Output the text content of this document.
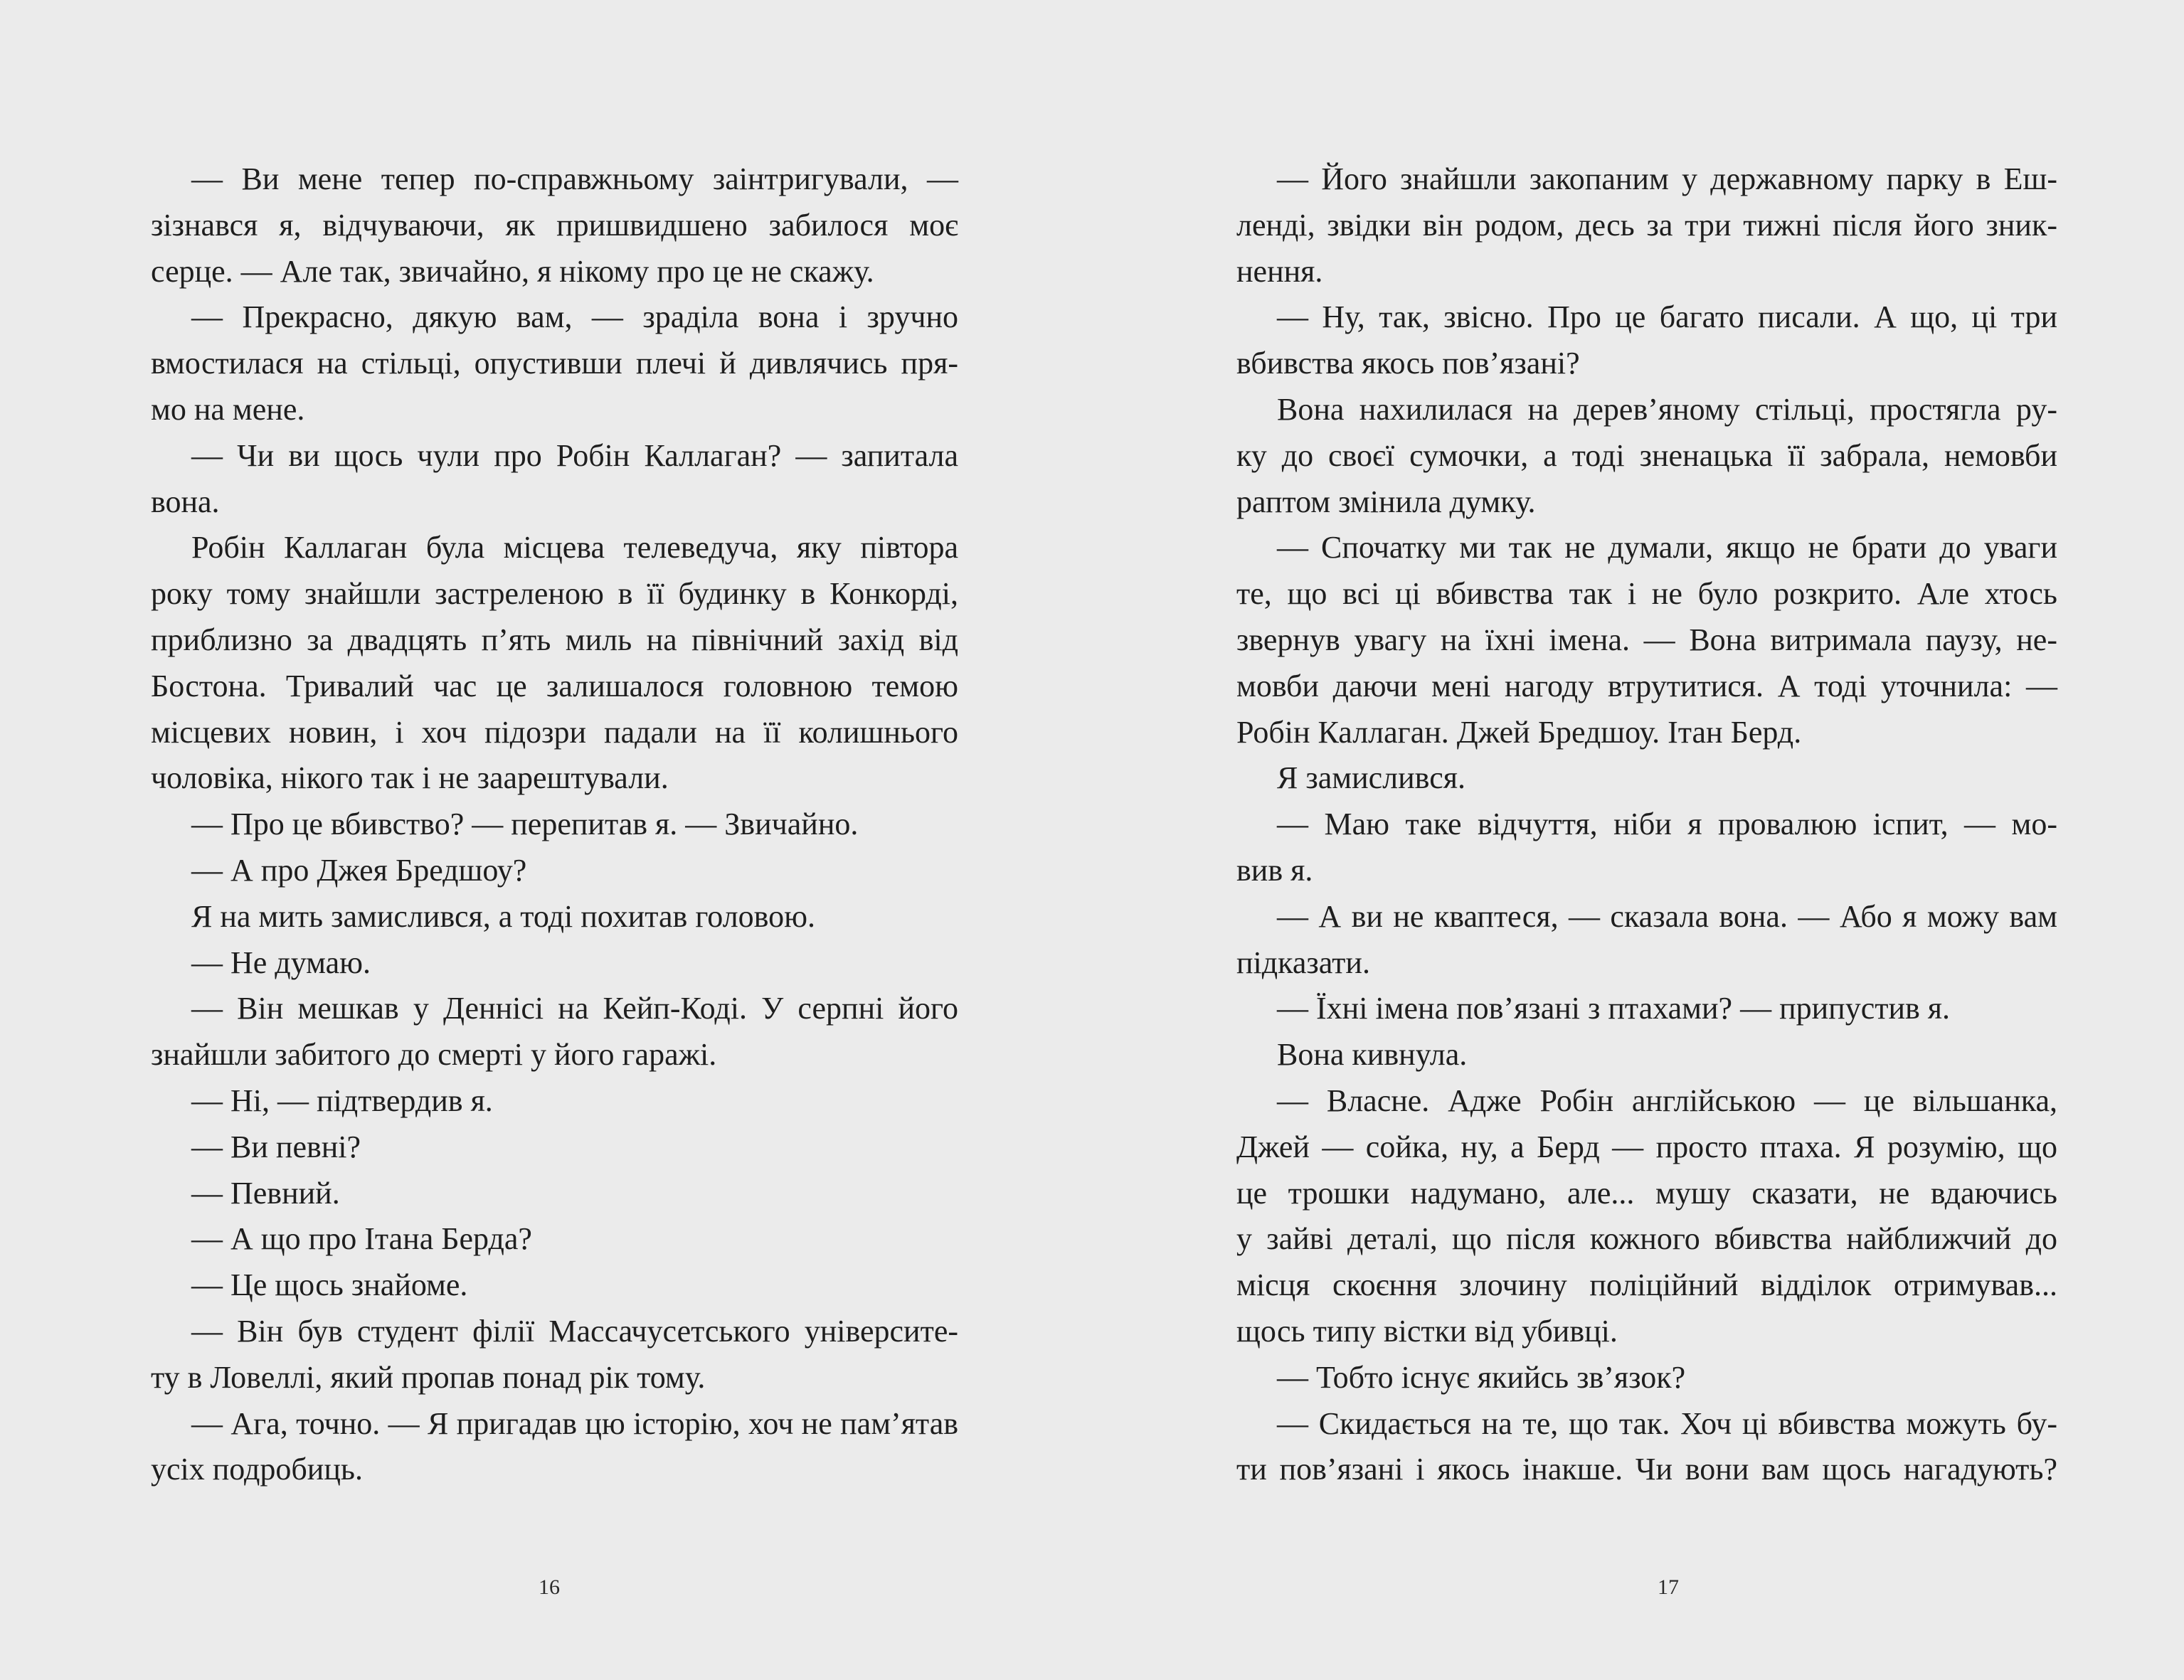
— Ви мене тепер по-справжньому заінтригували, —
зізнався я, відчуваючи, як пришвидшено забилося моє
серце. — Але так, звичайно, я нікому про це не скажу.
— Прекрасно, дякую вам, — зраділа вона і зручно
вмостилася на стільці, опустивши плечі й дивлячись пря-
мо на мене.
— Чи ви щось чули про Робін Каллаган? — запитала
вона.
Робін Каллаган була місцева телеведуча, яку півтора
року тому знайшли застреленою в її будинку в Конкорді,
приблизно за двадцять п’ять миль на північний захід від
Бостона. Тривалий час це залишалося головною темою
місцевих новин, і хоч підозри падали на її колишнього
чоловіка, нікого так і не заарештували.
— Про це вбивство? — перепитав я. — Звичайно.
— А про Джея Бредшоу?
Я на мить замислився, а тоді похитав головою.
— Не думаю.
— Він мешкав у Деннісі на Кейп-Коді. У серпні його
знайшли забитого до смерті у його гаражі.
— Ні, — підтвердив я.
— Ви певні?
— Певний.
— А що про Ітана Берда?
— Це щось знайоме.
— Він був студент філії Массачусетського університе-
ту в Ловеллі, який пропав понад рік тому.
— Ага, точно. — Я пригадав цю історію, хоч не пам’ятав
усіх подробиць.
16
— Його знайшли закопаним у державному парку в Еш-
ленді, звідки він родом, десь за три тижні після його зник-
нення.
— Ну, так, звісно. Про це багато писали. А що, ці три
вбивства якось пов’язані?
Вона нахилилася на дерев’яному стільці, простягла ру-
ку до своєї сумочки, а тоді зненацька її забрала, немовби
раптом змінила думку.
— Спочатку ми так не думали, якщо не брати до уваги
те, що всі ці вбивства так і не було розкрито. Але хтось
звернув увагу на їхні імена. — Вона витримала паузу, не-
мовби даючи мені нагоду втрутитися. А тоді уточнила: —
Робін Каллаган. Джей Бредшоу. Ітан Берд.
Я замислився.
— Маю таке відчуття, ніби я провалюю іспит, — мо-
вив я.
— А ви не кваптеся, — сказала вона. — Або я можу вам
підказати.
— Їхні імена пов’язані з птахами? — припустив я.
Вона кивнула.
— Власне. Адже Робін англійською — це вільшанка,
Джей — сойка, ну, а Берд — просто птаха. Я розумію, що
це трошки надумано, але... мушу сказати, не вдаючись
у зайві деталі, що після кожного вбивства найближчий до
місця скоєння злочину поліційний відділок отримував...
щось типу вістки від убивці.
— Тобто існує якийсь зв’язок?
— Скидається на те, що так. Хоч ці вбивства можуть бу-
ти пов’язані і якось інакше. Чи вони вам щось нагадують?
17
